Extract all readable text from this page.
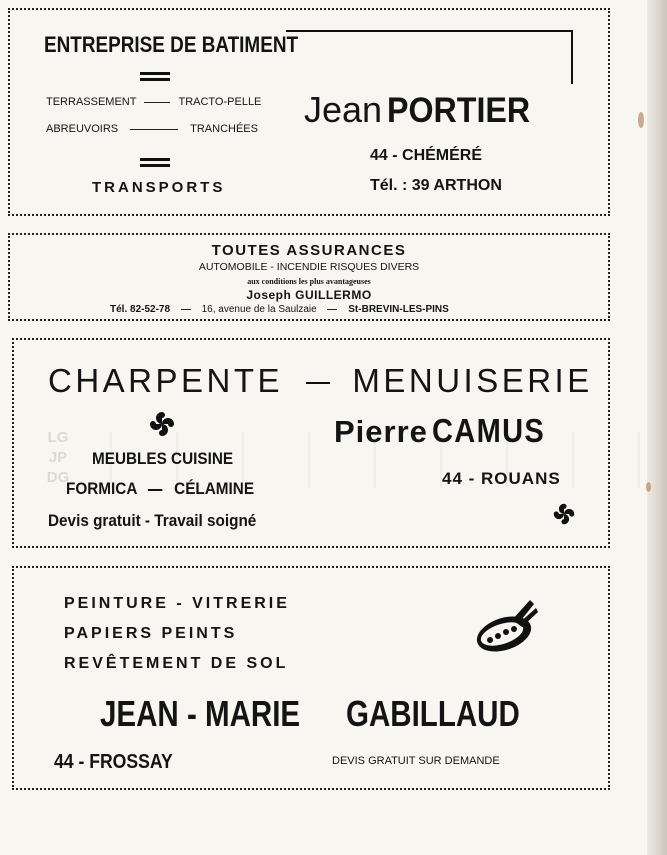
ENTREPRISE DE BATIMENT
TERRASSEMENT	TRACTO-PELLE
ABREUVOIRS	TRANCHÉES
TRANSPORTS
Jean PORTIER
44 - CHÉMÉRÉ
Tél. : 39 ARTHON
TOUTES ASSURANCES
AUTOMOBILE - INCENDIE RISQUES DIVERS
aux conditions les plus avantageuses
Joseph GUILLERMO
Tél. 82-52-78	16, avenue de la Saulzaie	St-BREVIN-LES-PINS
CHARPENTE MENUISERIE
MEUBLES CUISINE
FORMICA CÉLAMINE
Devis gratuit - Travail soigné
Pierre CAMUS
44 - ROUANS
LG
JP
DG
PEINTURE - VITRERIE
PAPIERS PEINTS
REVÊTEMENT DE SOL
JEAN - MARIE GABILLAUD
44 - FROSSAY	DEVIS GRATUIT SUR DEMANDE
